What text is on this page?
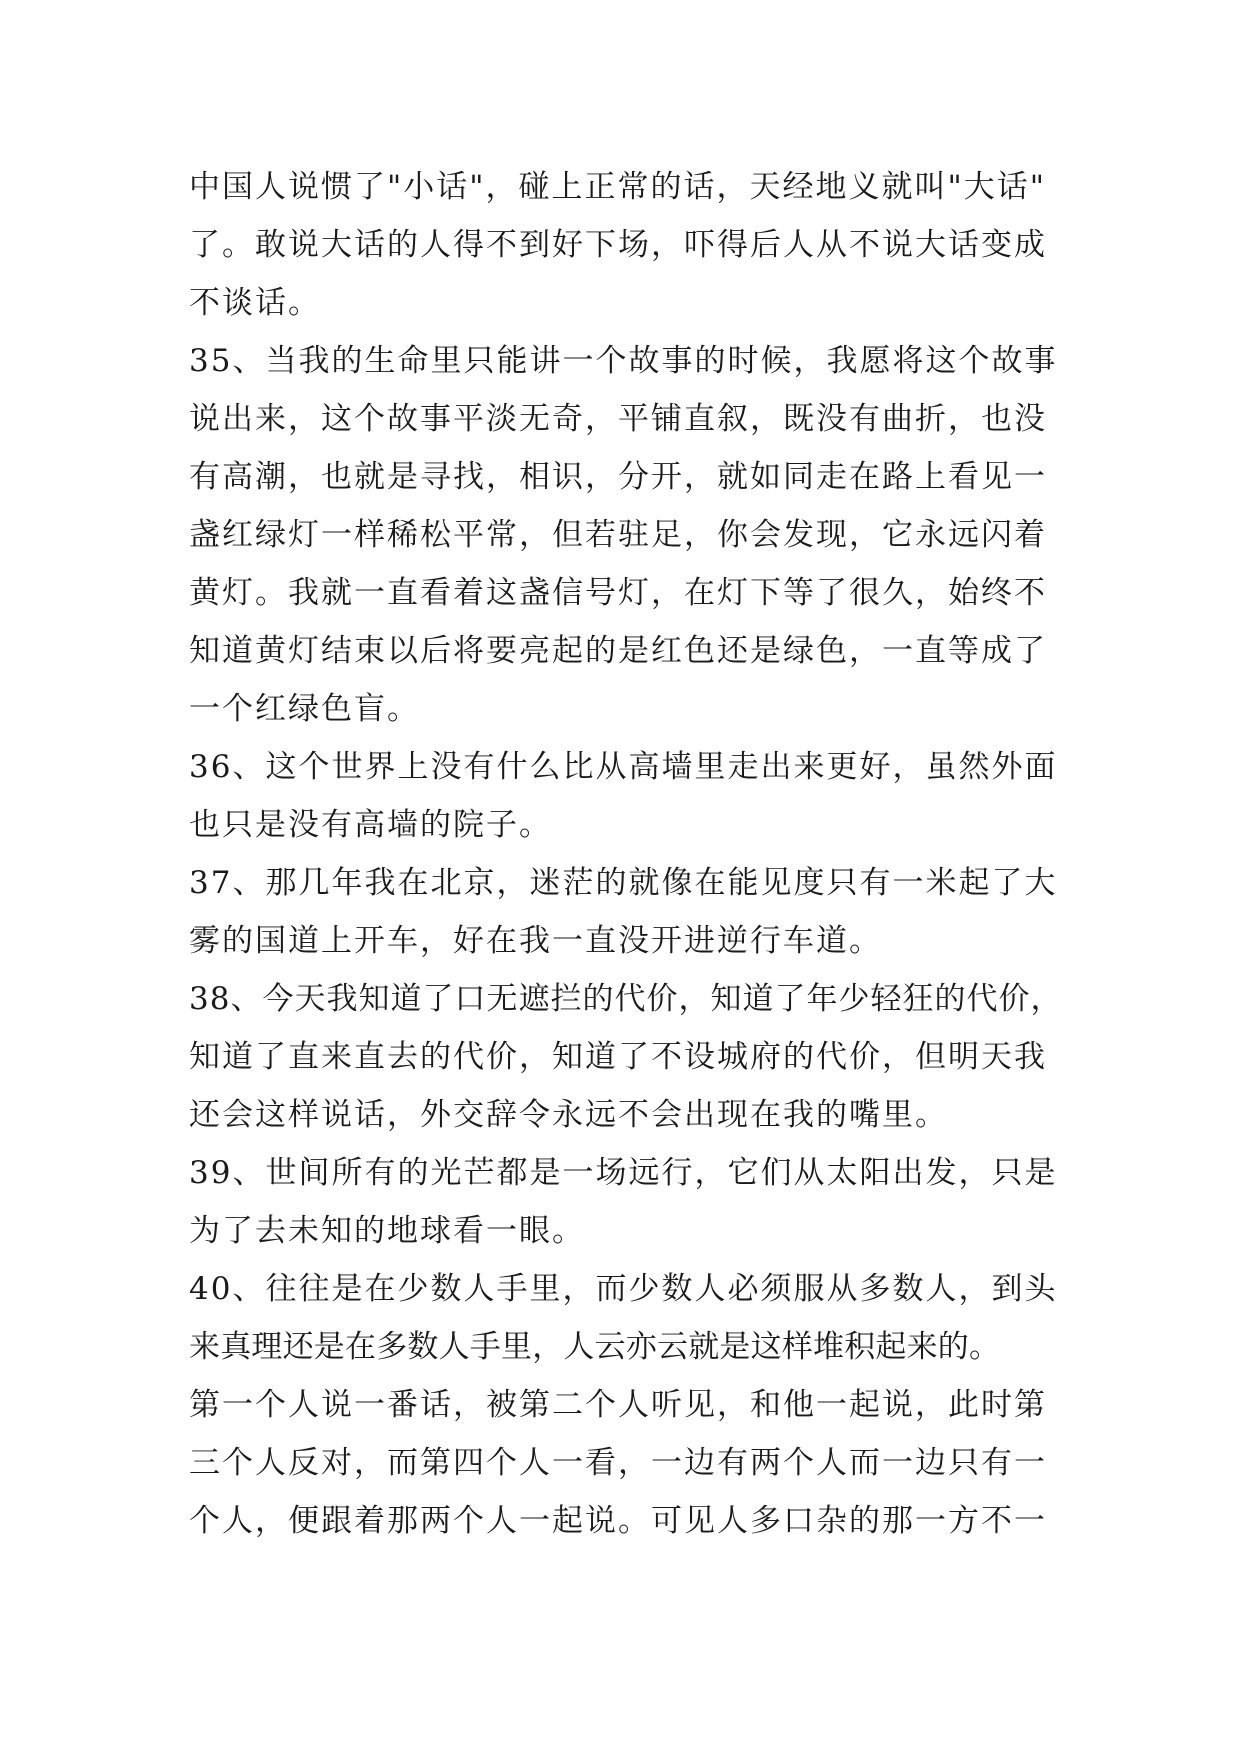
中国人说惯了"小话"，碰上正常的话，天经地义就叫"大话"
了。敢说大话的人得不到好下场，吓得后人从不说大话变成
不谈话。
35、当我的生命里只能讲一个故事的时候，我愿将这个故事
说出来，这个故事平淡无奇，平铺直叙，既没有曲折，也没
有高潮，也就是寻找，相识，分开，就如同走在路上看见一
盏红绿灯一样稀松平常，但若驻足，你会发现，它永远闪着
黄灯。我就一直看着这盏信号灯，在灯下等了很久，始终不
知道黄灯结束以后将要亮起的是红色还是绿色，一直等成了
一个红绿色盲。
36、这个世界上没有什么比从高墙里走出来更好，虽然外面
也只是没有高墙的院子。
37、那几年我在北京，迷茫的就像在能见度只有一米起了大
雾的国道上开车，好在我一直没开进逆行车道。
38、今天我知道了口无遮拦的代价，知道了年少轻狂的代价，
知道了直来直去的代价，知道了不设城府的代价，但明天我
还会这样说话，外交辞令永远不会出现在我的嘴里。
39、世间所有的光芒都是一场远行，它们从太阳出发，只是
为了去未知的地球看一眼。
40、往往是在少数人手里，而少数人必须服从多数人，到头
来真理还是在多数人手里，人云亦云就是这样堆积起来的。
第一个人说一番话，被第二个人听见，和他一起说，此时第
三个人反对，而第四个人一看，一边有两个人而一边只有一
个人，便跟着那两个人一起说。可见人多口杂的那一方不一
